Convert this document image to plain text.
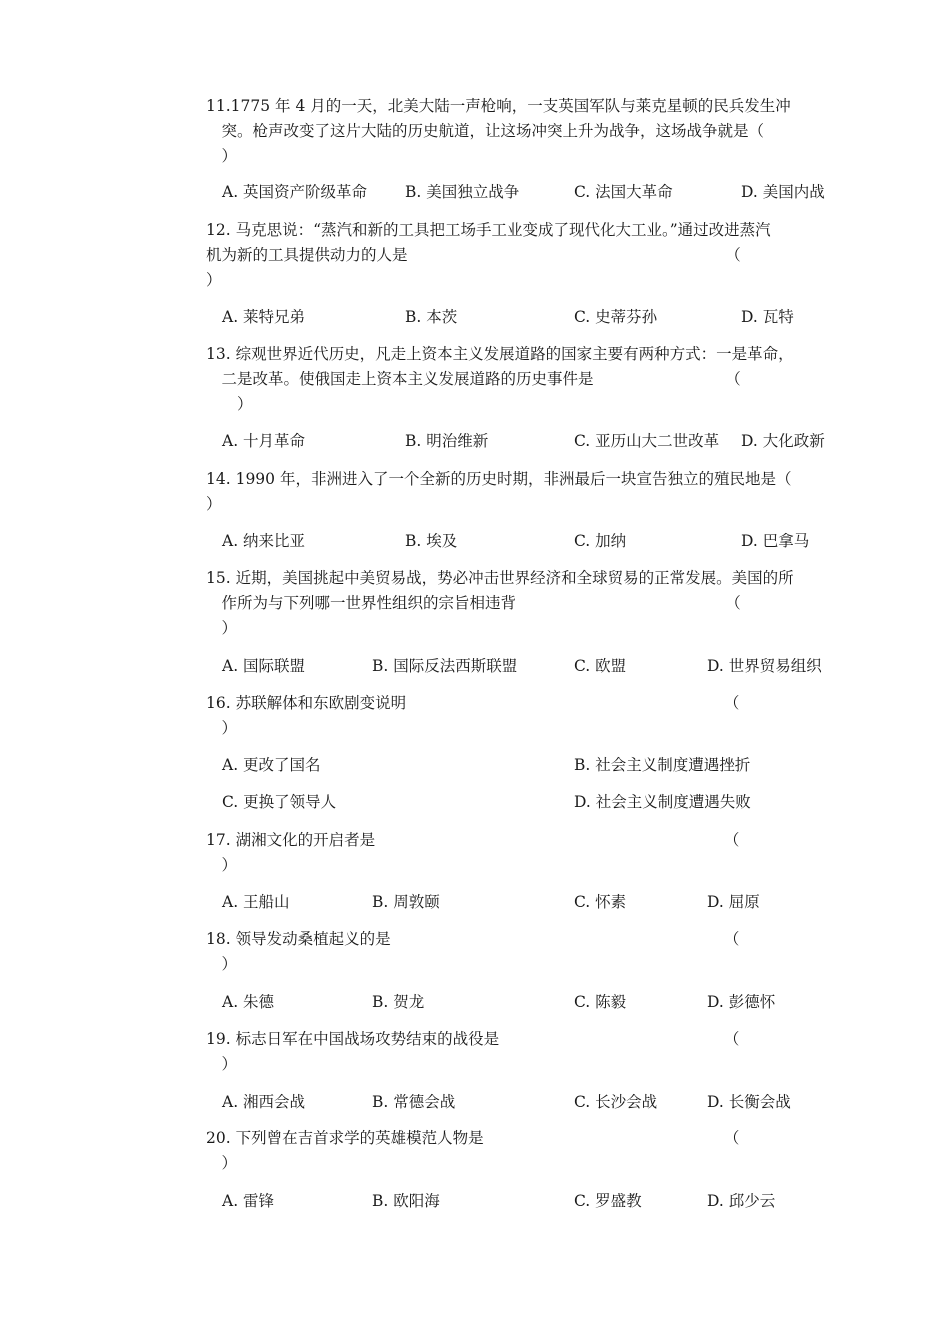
11.1775 年 4 月的一天，北美大陆一声枪响，一支英国军队与莱克星顿的民兵发生冲
　突。枪声改变了这片大陆的历史航道，让这场冲突上升为战争，这场战争就是（
　）
A. 英国资产阶级革命 B. 美国独立战争	C. 法国大革命	D. 美国内战
12. 马克思说：“蒸汽和新的工具把工场手工业变成了现代化大工业。”通过改进蒸汽
机为新的工具提供动力的人是　　　　　　　　　　　　　　　　　　　　　（
）
A. 莱特兄弟	B. 本茨	C. 史蒂芬孙	D. 瓦特
13. 综观世界近代历史，凡走上资本主义发展道路的国家主要有两种方式：一是革命，
　二是改革。使俄国走上资本主义发展道路的历史事件是　　　　　　　　　（
　　）
A. 十月革命	B. 明治维新	C. 亚历山大二世改革 D. 大化政新
14. 1990 年，非洲进入了一个全新的历史时期，非洲最后一块宣告独立的殖民地是（
）
A. 纳来比亚	B. 埃及	C. 加纳	D. 巴拿马
15. 近期，美国挑起中美贸易战，势必冲击世界经济和全球贸易的正常发展。美国的所
　作所为与下列哪一世界性组织的宗旨相违背　　　　　　　　　　　　　　（
　）
A. 国际联盟	B. 国际反法西斯联盟	C. 欧盟	D. 世界贸易组织
16. 苏联解体和东欧剧变说明　　　　　　　　　　　　　　　　　　　　　（
　）
A. 更改了国名	B. 社会主义制度遭遇挫折
C. 更换了领导人	D. 社会主义制度遭遇失败
17. 湖湘文化的开启者是　　　　　　　　　　　　　　　　　　　　　　　（
　）
A. 王船山	B. 周敦颐	C. 怀素	D. 屈原
18. 领导发动桑植起义的是　　　　　　　　　　　　　　　　　　　　　　（
　）
A. 朱德	B. 贺龙	C. 陈毅	D. 彭德怀
19. 标志日军在中国战场攻势结束的战役是　　　　　　　　　　　　　　　（
　）
A. 湘西会战	B. 常德会战	C. 长沙会战	D. 长衡会战
20. 下列曾在吉首求学的英雄模范人物是　　　　　　　　　　　　　　　　（
　）
A. 雷锋	B. 欧阳海	C. 罗盛教	D. 邱少云
